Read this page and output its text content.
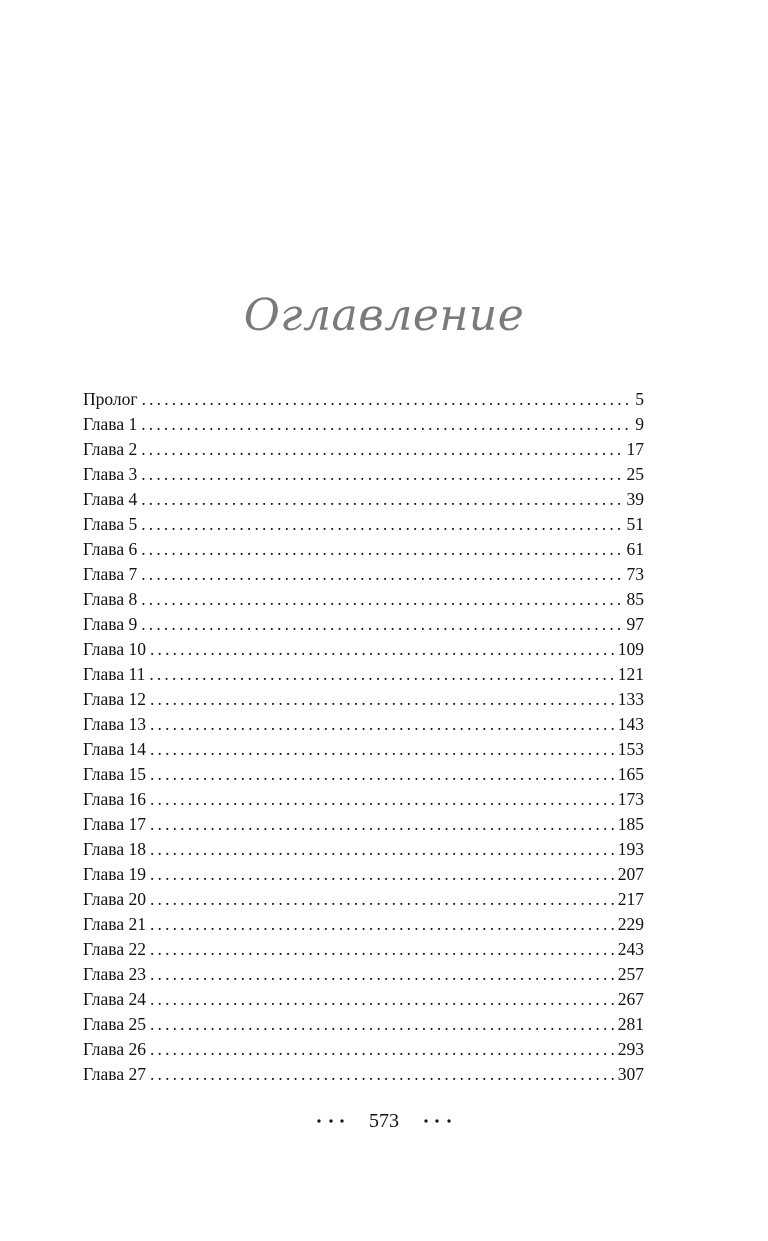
Оглавление
Пролог . . .	5
Глава 1 . . .	9
Глава 2 . . .	17
Глава 3 . . .	25
Глава 4 . . .	39
Глава 5 . . .	51
Глава 6 . . .	61
Глава 7 . . .	73
Глава 8 . . .	85
Глава 9 . . .	97
Глава 10 . . .	109
Глава 11 . . .	121
Глава 12 . . .	133
Глава 13 . . .	143
Глава 14 . . .	153
Глава 15 . . .	165
Глава 16 . . .	173
Глава 17 . . .	185
Глава 18 . . .	193
Глава 19 . . .	207
Глава 20 . . .	217
Глава 21 . . .	229
Глава 22 . . .	243
Глава 23 . . .	257
Глава 24 . . .	267
Глава 25 . . .	281
Глава 26 . . .	293
Глава 27 . . .	307
573
